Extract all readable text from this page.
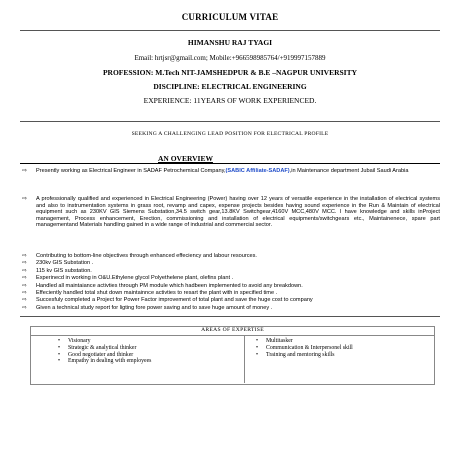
CURRICULUM VITAE
HIMANSHU RAJ TYAGI
Email: hrtjsr@gmail.com; Mobile:+966598985764/+919997157889
PROFESSION: M.Tech NIT-JAMSHEDPUR & B.E –NAGPUR UNIVERSITY
DISCIPLINE: ELECTRICAL ENGINEERING
EXPERIENCE: 11YEARS OF WORK EXPERIENCED.
SEEKING A CHALLENGING LEAD POSITION FOR ELECTRICAL PROFILE
AN OVERVIEW
⇨	Presently working as Electrical Engineer in SADAF Petrochemical Company,(SABIC Affiliate-SADAF),in Maintenance department Jubail Saudi Arabia
⇨	A professionally qualified and experienced in Electrical Engineering (Power) having over 12 years of versatile experience in the installation of electrical systems and also to instrumentation systems in grass root, revamp and capex, expense projects besides having sound experience in the Run & Maintain of electrical equipment such as 230KV GIS Siemens Substation,34.5 switch gear,13.8KV Switchgear,4160V MCC,480V MCC. I have knowledge and skills inProject management, Process enhancement, Erection, commissioning and installation of electrical equipments/switchgears etc., Maintainenece, spare part managementand Materials handling gained in a wide range of industrial and commercial sector.
⇨ Contributing to bottom-line objectives through enhanced effeciency and labour resources.
⇨ 230kv GIS Substation .
⇨ 115 kv GIS substation.
⇨ Experinecd in working in O&U.Ethylene glycol Polyethelene plant, olefins plant .
⇨ Handled all maintaiance activties through PM module which hadbeen implemented to avoid any breakdown.
⇨ Effeciently handled total shut down maintainnce activties to resart the plant with in specified time .
⇨ Succesfuly completed a Project for Power Factor improvement of total plant and save the huge cost to company
⇨ Given a technical study report for ligting fore power saving and to save huge amount of money .
AREAS OF EXPERTISE
• Visionary
• Strategic & analytical thinker
• Good negotiater and thinker
• Empathy in dealing with employees
• Multitasker
• Communication & Interpersonel skill
• Training and mentoring skills
